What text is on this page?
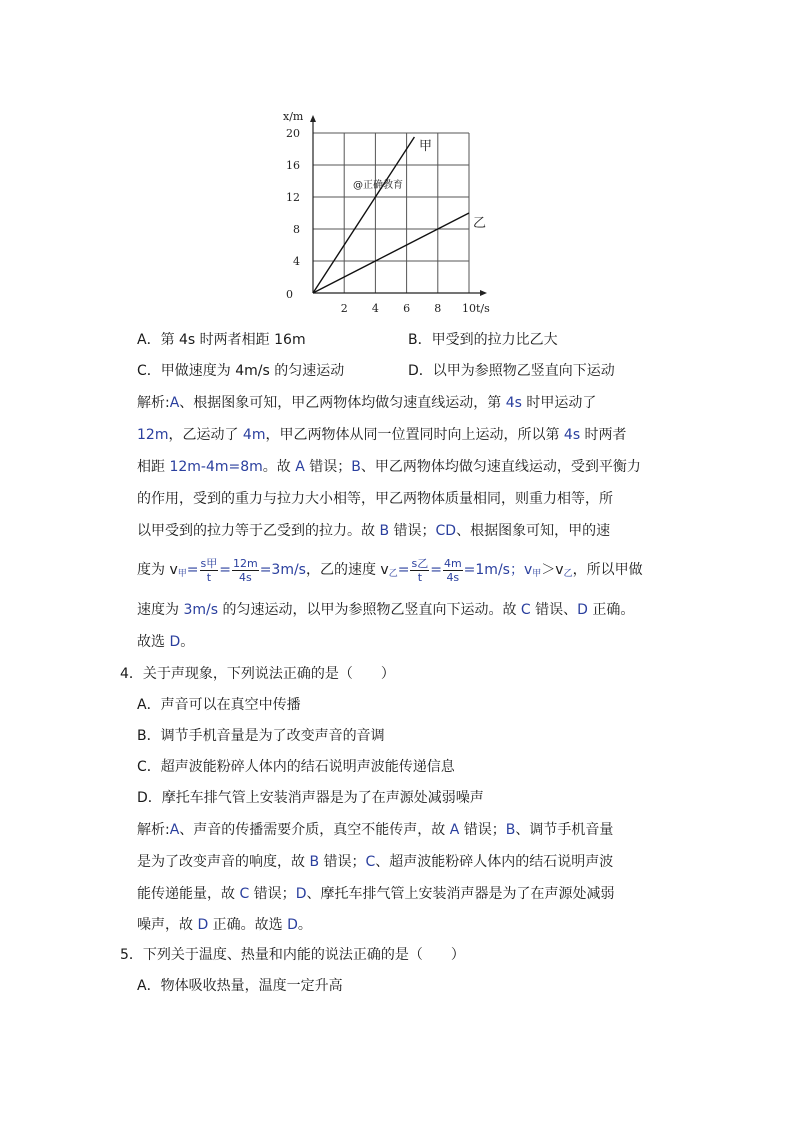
x/m
t/s
0
4
8
12
16
20
2 4 6 8 10
甲
乙
@正确教育
A．第 4s 时两者相距 16m	B．甲受到的拉力比乙大
C．甲做速度为 4m/s 的匀速运动	D．以甲为参照物乙竖直向下运动
解析:A、根据图象可知，甲乙两物体均做匀速直线运动，第 4s 时甲运动了
12m，乙运动了 4m，甲乙两物体从同一位置同时向上运动，所以第 4s 时两者
相距 12m-4m=8m。故 A 错误；B、甲乙两物体均做匀速直线运动，受到平衡力
的作用，受到的重力与拉力大小相等，甲乙两物体质量相同，则重力相等，所
以甲受到的拉力等于乙受到的拉力。故 B 错误；CD、根据图象可知，甲的速
度为 $v_甲= \frac{\text{s甲}}{t} = \frac{12m}{4s} =3m/s$，乙的速度 $v_乙= \frac{\text{s乙}}{t} = \frac{4m}{4s} =1m/s$；$v_甲>v_乙$，所以甲做
速度为 3m/s 的匀速运动，以甲为参照物乙竖直向下运动。故 C 错误、D 正确。
故选 D。
4．关于声现象，下列说法正确的是（　　）
A．声音可以在真空中传播
B．调节手机音量是为了改变声音的音调
C．超声波能粉碎人体内的结石说明声波能传递信息
D．摩托车排气管上安装消声器是为了在声源处减弱噪声
解析:A、声音的传播需要介质，真空不能传声，故 A 错误；B、调节手机音量
是为了改变声音的响度，故 B 错误；C、超声波能粉碎人体内的结石说明声波
能传递能量，故 C 错误；D、摩托车排气管上安装消声器是为了在声源处减弱
噪声，故 D 正确。故选 D。
5．下列关于温度、热量和内能的说法正确的是（　　）
A．物体吸收热量，温度一定升高
